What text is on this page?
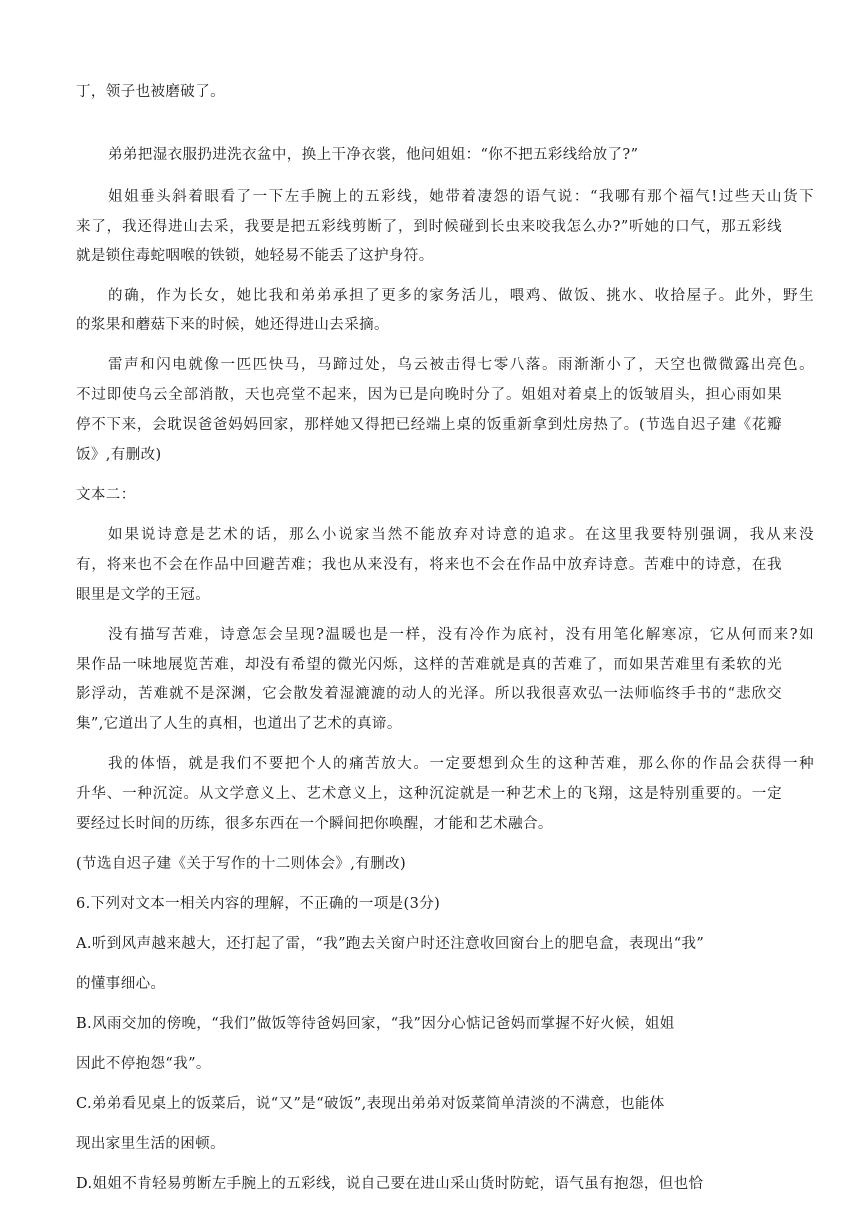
丁，领子也被磨破了。
弟弟把湿衣服扔进洗衣盆中，换上干净衣裳，他问姐姐：“你不把五彩线给放了?”
姐姐垂头斜着眼看了一下左手腕上的五彩线，她带着凄怨的语气说：“我哪有那个福气!过些天山货下
来了，我还得进山去采，我要是把五彩线剪断了，到时候碰到长虫来咬我怎么办?”听她的口气，那五彩线
就是锁住毒蛇咽喉的铁锁，她轻易不能丢了这护身符。
的确，作为长女，她比我和弟弟承担了更多的家务活儿，喂鸡、做饭、挑水、收拾屋子。此外，野生
的浆果和蘑菇下来的时候，她还得进山去采摘。
雷声和闪电就像一匹匹快马，马蹄过处，乌云被击得七零八落。雨渐渐小了，天空也微微露出亮色。
不过即使乌云全部消散，天也亮堂不起来，因为已是向晚时分了。姐姐对着桌上的饭皱眉头，担心雨如果
停不下来，会耽误爸爸妈妈回家，那样她又得把已经端上桌的饭重新拿到灶房热了。(节选自迟子建《花瓣
饭》,有删改)
文本二：
如果说诗意是艺术的话，那么小说家当然不能放弃对诗意的追求。在这里我要特别强调，我从来没
有，将来也不会在作品中回避苦难；我也从来没有，将来也不会在作品中放弃诗意。苦难中的诗意，在我
眼里是文学的王冠。
没有描写苦难，诗意怎会呈现?温暖也是一样，没有冷作为底衬，没有用笔化解寒凉，它从何而来?如
果作品一味地展览苦难，却没有希望的微光闪烁，这样的苦难就是真的苦难了，而如果苦难里有柔软的光
影浮动，苦难就不是深渊，它会散发着湿漉漉的动人的光泽。所以我很喜欢弘一法师临终手书的“悲欣交
集”,它道出了人生的真相，也道出了艺术的真谛。
我的体悟，就是我们不要把个人的痛苦放大。一定要想到众生的这种苦难，那么你的作品会获得一种
升华、一种沉淀。从文学意义上、艺术意义上，这种沉淀就是一种艺术上的飞翔，这是特别重要的。一定
要经过长时间的历练，很多东西在一个瞬间把你唤醒，才能和艺术融合。
(节选自迟子建《关于写作的十二则体会》,有删改)
6.下列对文本一相关内容的理解，不正确的一项是(3分)
A.听到风声越来越大，还打起了雷，“我”跑去关窗户时还注意收回窗台上的肥皂盒，表现出“我”
的懂事细心。
B.风雨交加的傍晚，“我们”做饭等待爸妈回家，“我”因分心惦记爸妈而掌握不好火候，姐姐
因此不停抱怨“我”。
C.弟弟看见桌上的饭菜后，说“又”是“破饭”,表现出弟弟对饭菜简单清淡的不满意，也能体
现出家里生活的困顿。
D.姐姐不肯轻易剪断左手腕上的五彩线，说自己要在进山采山货时防蛇，语气虽有抱怨，但也恰
